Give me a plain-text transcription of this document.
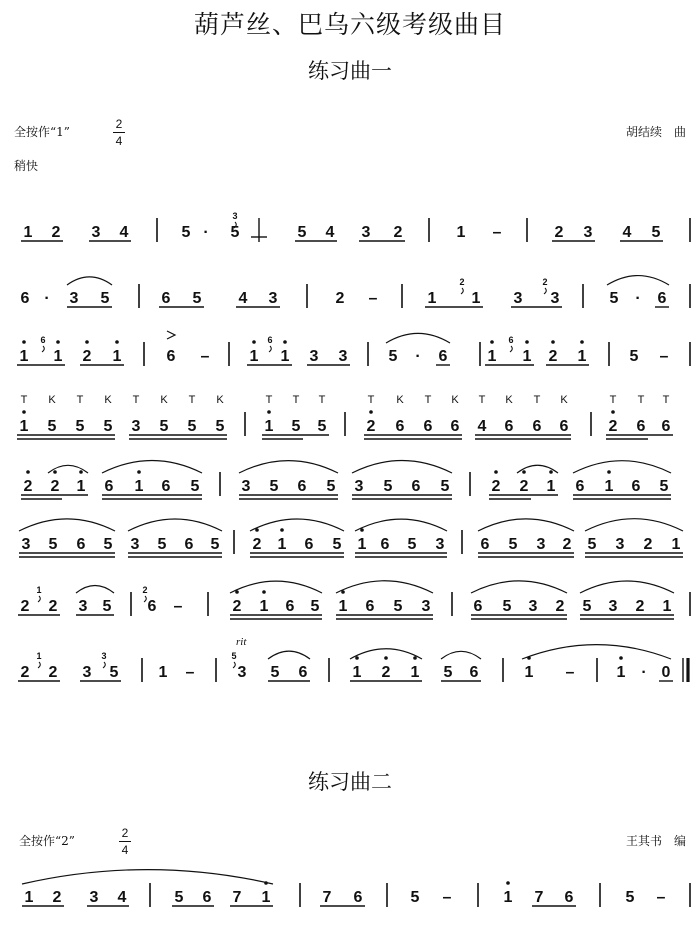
葫芦丝、巴乌六级考级曲目
练习曲一
全按作“1”
2
4
胡结续　曲
稍快
练习曲二
全按作“2”
2
4
王其书　编
1 2 3 4	5 · 5
3
5 4 3 2	1 –	2 3 4 5
6 · 3 5	6 5 4 3	2 –	1 1 3 3
2	2
5 · 6
1 1 2 1
6
6 –	1 1 3 3
6
5 · 6	1 1 2 1
6
5 –
1
T
5
K
5
T
5
K
3
T
5
K
5
T
5
K
1
T
5
T
5
T
2
T
6
K
6
T
6
K
4
T
6
K
6
T
6
K
2
T
6
T
6
T
2 2 1 6 1 6 5	3 5 6 5 3 5 6 5	2 2 1 6 1 6 5
3 5 6 5 3 5 6 5 2 1 6 5 1 6 5 3 6 5 3 2 5 3 2 1
2 2 3 5
1
6 –
2
2 1 6 5 1 6 5 3	6 5 3 2 5 3 2 1
2 2 3 5
1	3
1 –	3 5 6
5
rit
1 2 1 5 6	1 –	1 · 0
1 2 3 4	5 6 7 1	7 6	5 –	1 7 6	5 –
